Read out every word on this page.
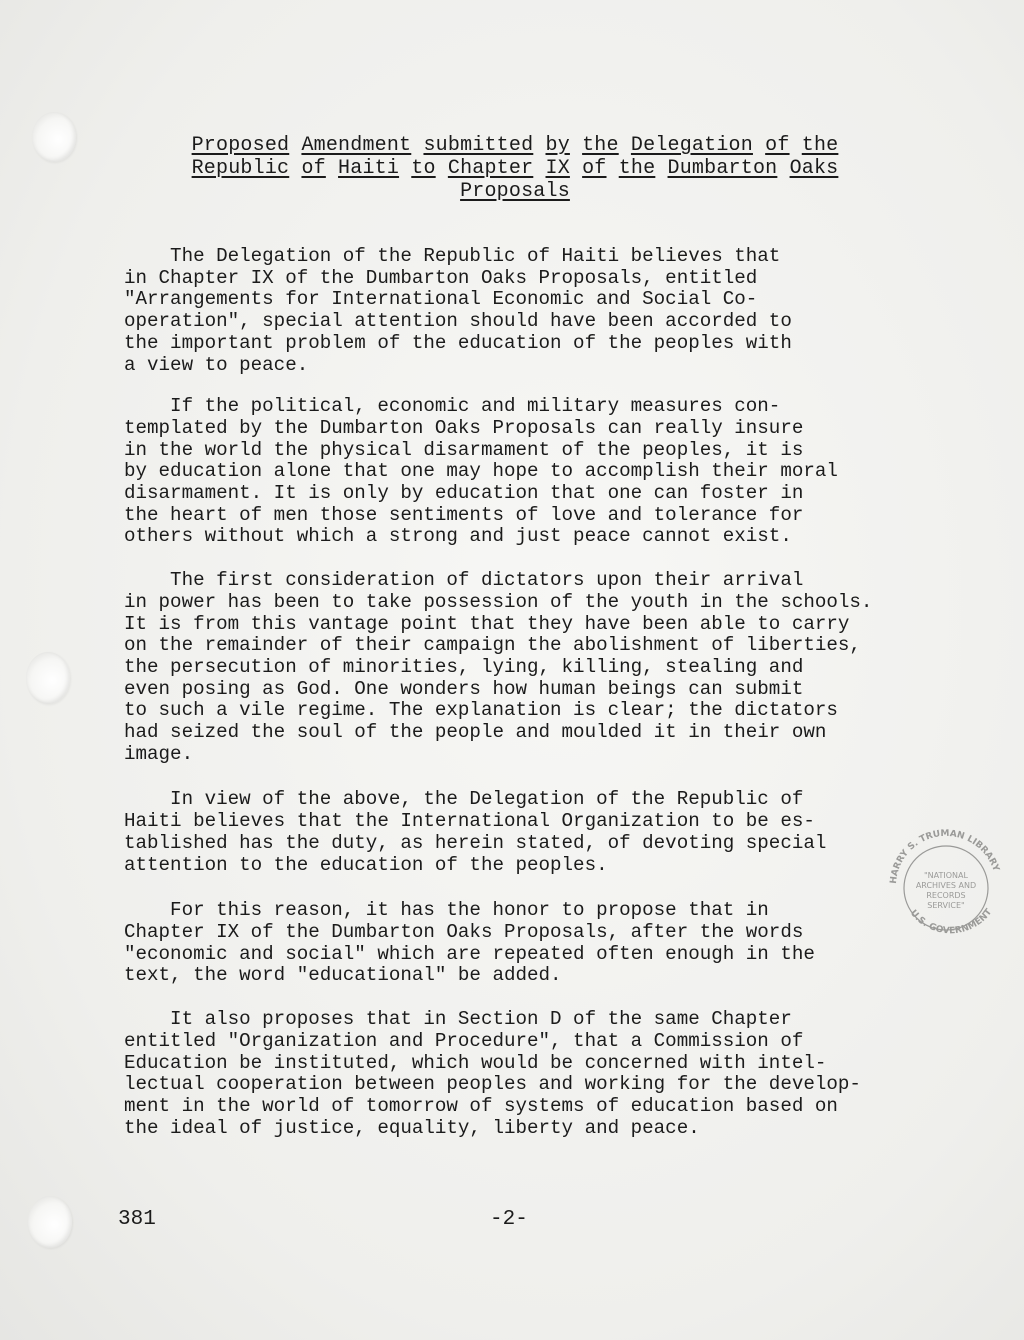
Proposed Amendment submitted by the Delegation of the
Republic of Haiti to Chapter IX of the Dumbarton Oaks
Proposals
The Delegation of the Republic of Haiti believes that
in Chapter IX of the Dumbarton Oaks Proposals, entitled
"Arrangements for International Economic and Social Co-
operation", special attention should have been accorded to
the important problem of the education of the peoples with
a view to peace.
If the political, economic and military measures con-
templated by the Dumbarton Oaks Proposals can really insure
in the world the physical disarmament of the peoples, it is
by education alone that one may hope to accomplish their moral
disarmament. It is only by education that one can foster in
the heart of men those sentiments of love and tolerance for
others without which a strong and just peace cannot exist.
The first consideration of dictators upon their arrival
in power has been to take possession of the youth in the schools.
It is from this vantage point that they have been able to carry
on the remainder of their campaign the abolishment of liberties,
the persecution of minorities, lying, killing, stealing and
even posing as God. One wonders how human beings can submit
to such a vile regime. The explanation is clear; the dictators
had seized the soul of the people and moulded it in their own
image.
In view of the above, the Delegation of the Republic of
Haiti believes that the International Organization to be es-
tablished has the duty, as herein stated, of devoting special
attention to the education of the peoples.
For this reason, it has the honor to propose that in
Chapter IX of the Dumbarton Oaks Proposals, after the words
"economic and social" which are repeated often enough in the
text, the word "educational" be added.
It also proposes that in Section D of the same Chapter
entitled "Organization and Procedure", that a Commission of
Education be instituted, which would be concerned with intel-
lectual cooperation between peoples and working for the develop-
ment in the world of tomorrow of systems of education based on
the ideal of justice, equality, liberty and peace.
HARRY S. TRUMAN LIBRARY
"NATIONAL
ARCHIVES AND
RECORDS
SERVICE"
U.S. GOVERNMENT
381	-2-
